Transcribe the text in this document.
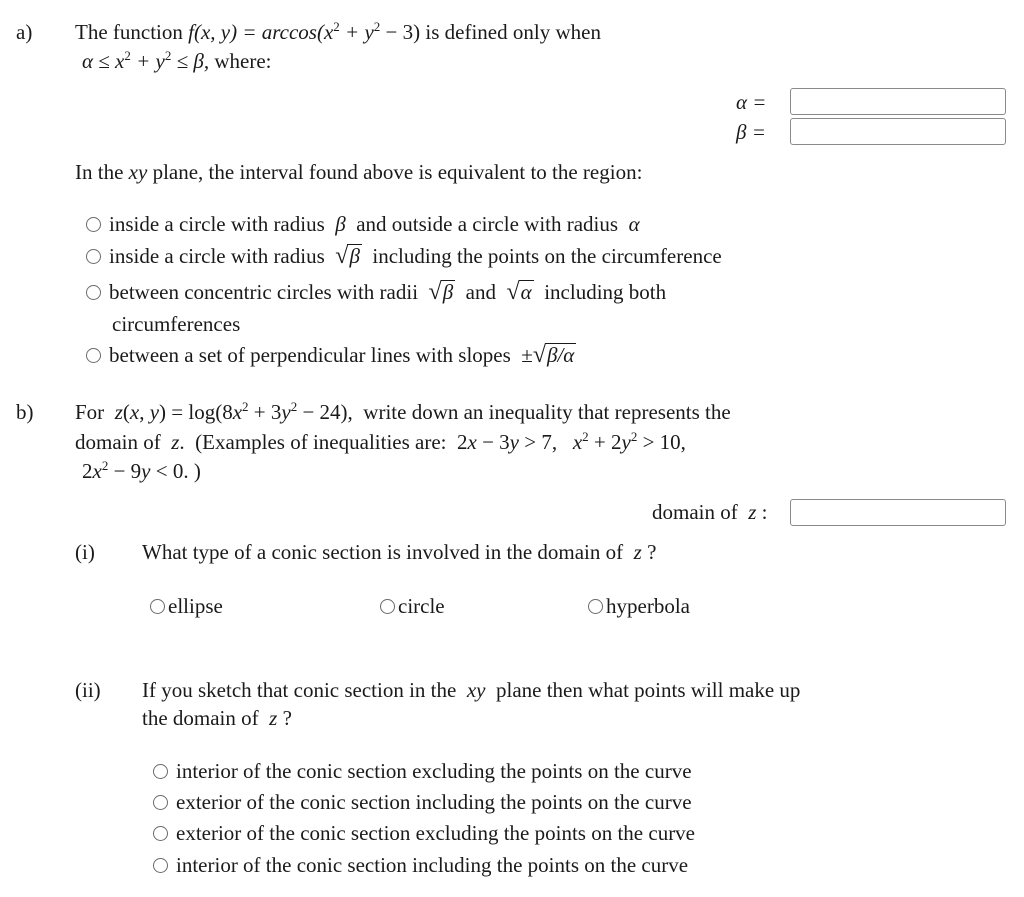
a) The function f(x, $y) = \arccos(x^2 + y^2 - 3)$ is defined only when
$\alpha \le x^2 + y^2 \le \beta$, where:
α =
β =
In the xy plane, the interval found above is equivalent to the region:
inside a circle with radius  β  and outside a circle with radius  α
inside a circle with radius √ β including the points on the circumference
between concentric circles with radii √ β and √ α including both
circumferences
between a set of perpendicular lines with slopes  ± √ β/α
b) For  z(x, $y) = \log(8x^2 + 3y^2 - 24)$,  write down an inequality that represents the
domain of  z.  (Examples of inequalities are:  2x − 3y > 7,   $x^2 + 2y^2 > 10$,
$2x^2 - 9y < 0$. )
domain of  z :
(i) What type of a conic section is involved in the domain of  z ?
ellipse	circle	hyperbola
(ii) If you sketch that conic section in the  xy  plane then what points will make up
the domain of  z ?
interior of the conic section excluding the points on the curve
exterior of the conic section including the points on the curve
exterior of the conic section excluding the points on the curve
interior of the conic section including the points on the curve
